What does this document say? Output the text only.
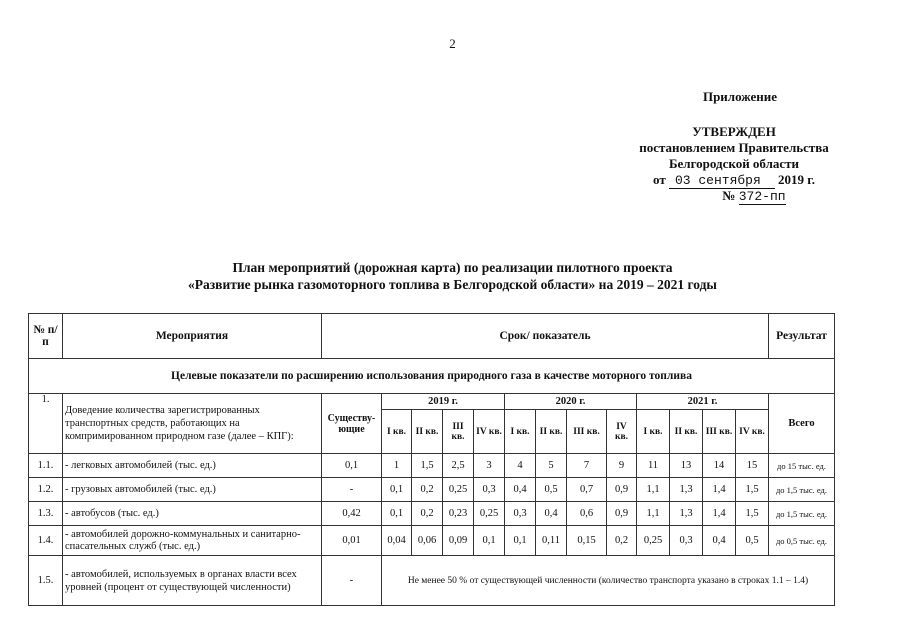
2
Приложение
УТВЕРЖДЕН
постановлением Правительства
Белгородской области
от 03 сентября 2019 г.
№ 372-пп
План мероприятий (дорожная карта) по реализации пилотного проекта
«Развитие рынка газомоторного топлива в Белгородской области» на 2019 – 2021 годы
№ п/п	Мероприятия	Срок/ показатель													Результат
Целевые показатели по расширению использования природного газа в качестве моторного топлива															
1.	Доведение количества зарегистрированных транспортных средств, работающих на компримированном природном газе (далее – КПГ):	Существу-ющие	2019 г.				2020 г.				2021 г.				Всего
			I кв.	II кв.	III кв.	IV кв.	I кв.	II кв.	III кв.	IV кв.	I кв.	II кв.	III кв.	IV кв.	
1.1.	- легковых автомобилей (тыс. ед.)	0,1	1	1,5	2,5	3	4	5	7	9	11	13	14	15	до 15 тыс. ед.
1.2.	- грузовых автомобилей (тыс. ед.)	-	0,1	0,2	0,25	0,3	0,4	0,5	0,7	0,9	1,1	1,3	1,4	1,5	до 1,5 тыс. ед.
1.3.	- автобусов (тыс. ед.)	0,42	0,1	0,2	0,23	0,25	0,3	0,4	0,6	0,9	1,1	1,3	1,4	1,5	до 1,5 тыс. ед.
1.4.	- автомобилей дорожно-коммунальных и санитарно-спасательных служб (тыс. ед.)	0,01	0,04	0,06	0,09	0,1	0,1	0,11	0,15	0,2	0,25	0,3	0,4	0,5	до 0,5 тыс. ед.
1.5.	- автомобилей, используемых в органах власти всех уровней (процент от существующей численности)	-	Не менее 50 % от существующей численности (количество транспорта указано в строках 1.1 – 1.4)												
